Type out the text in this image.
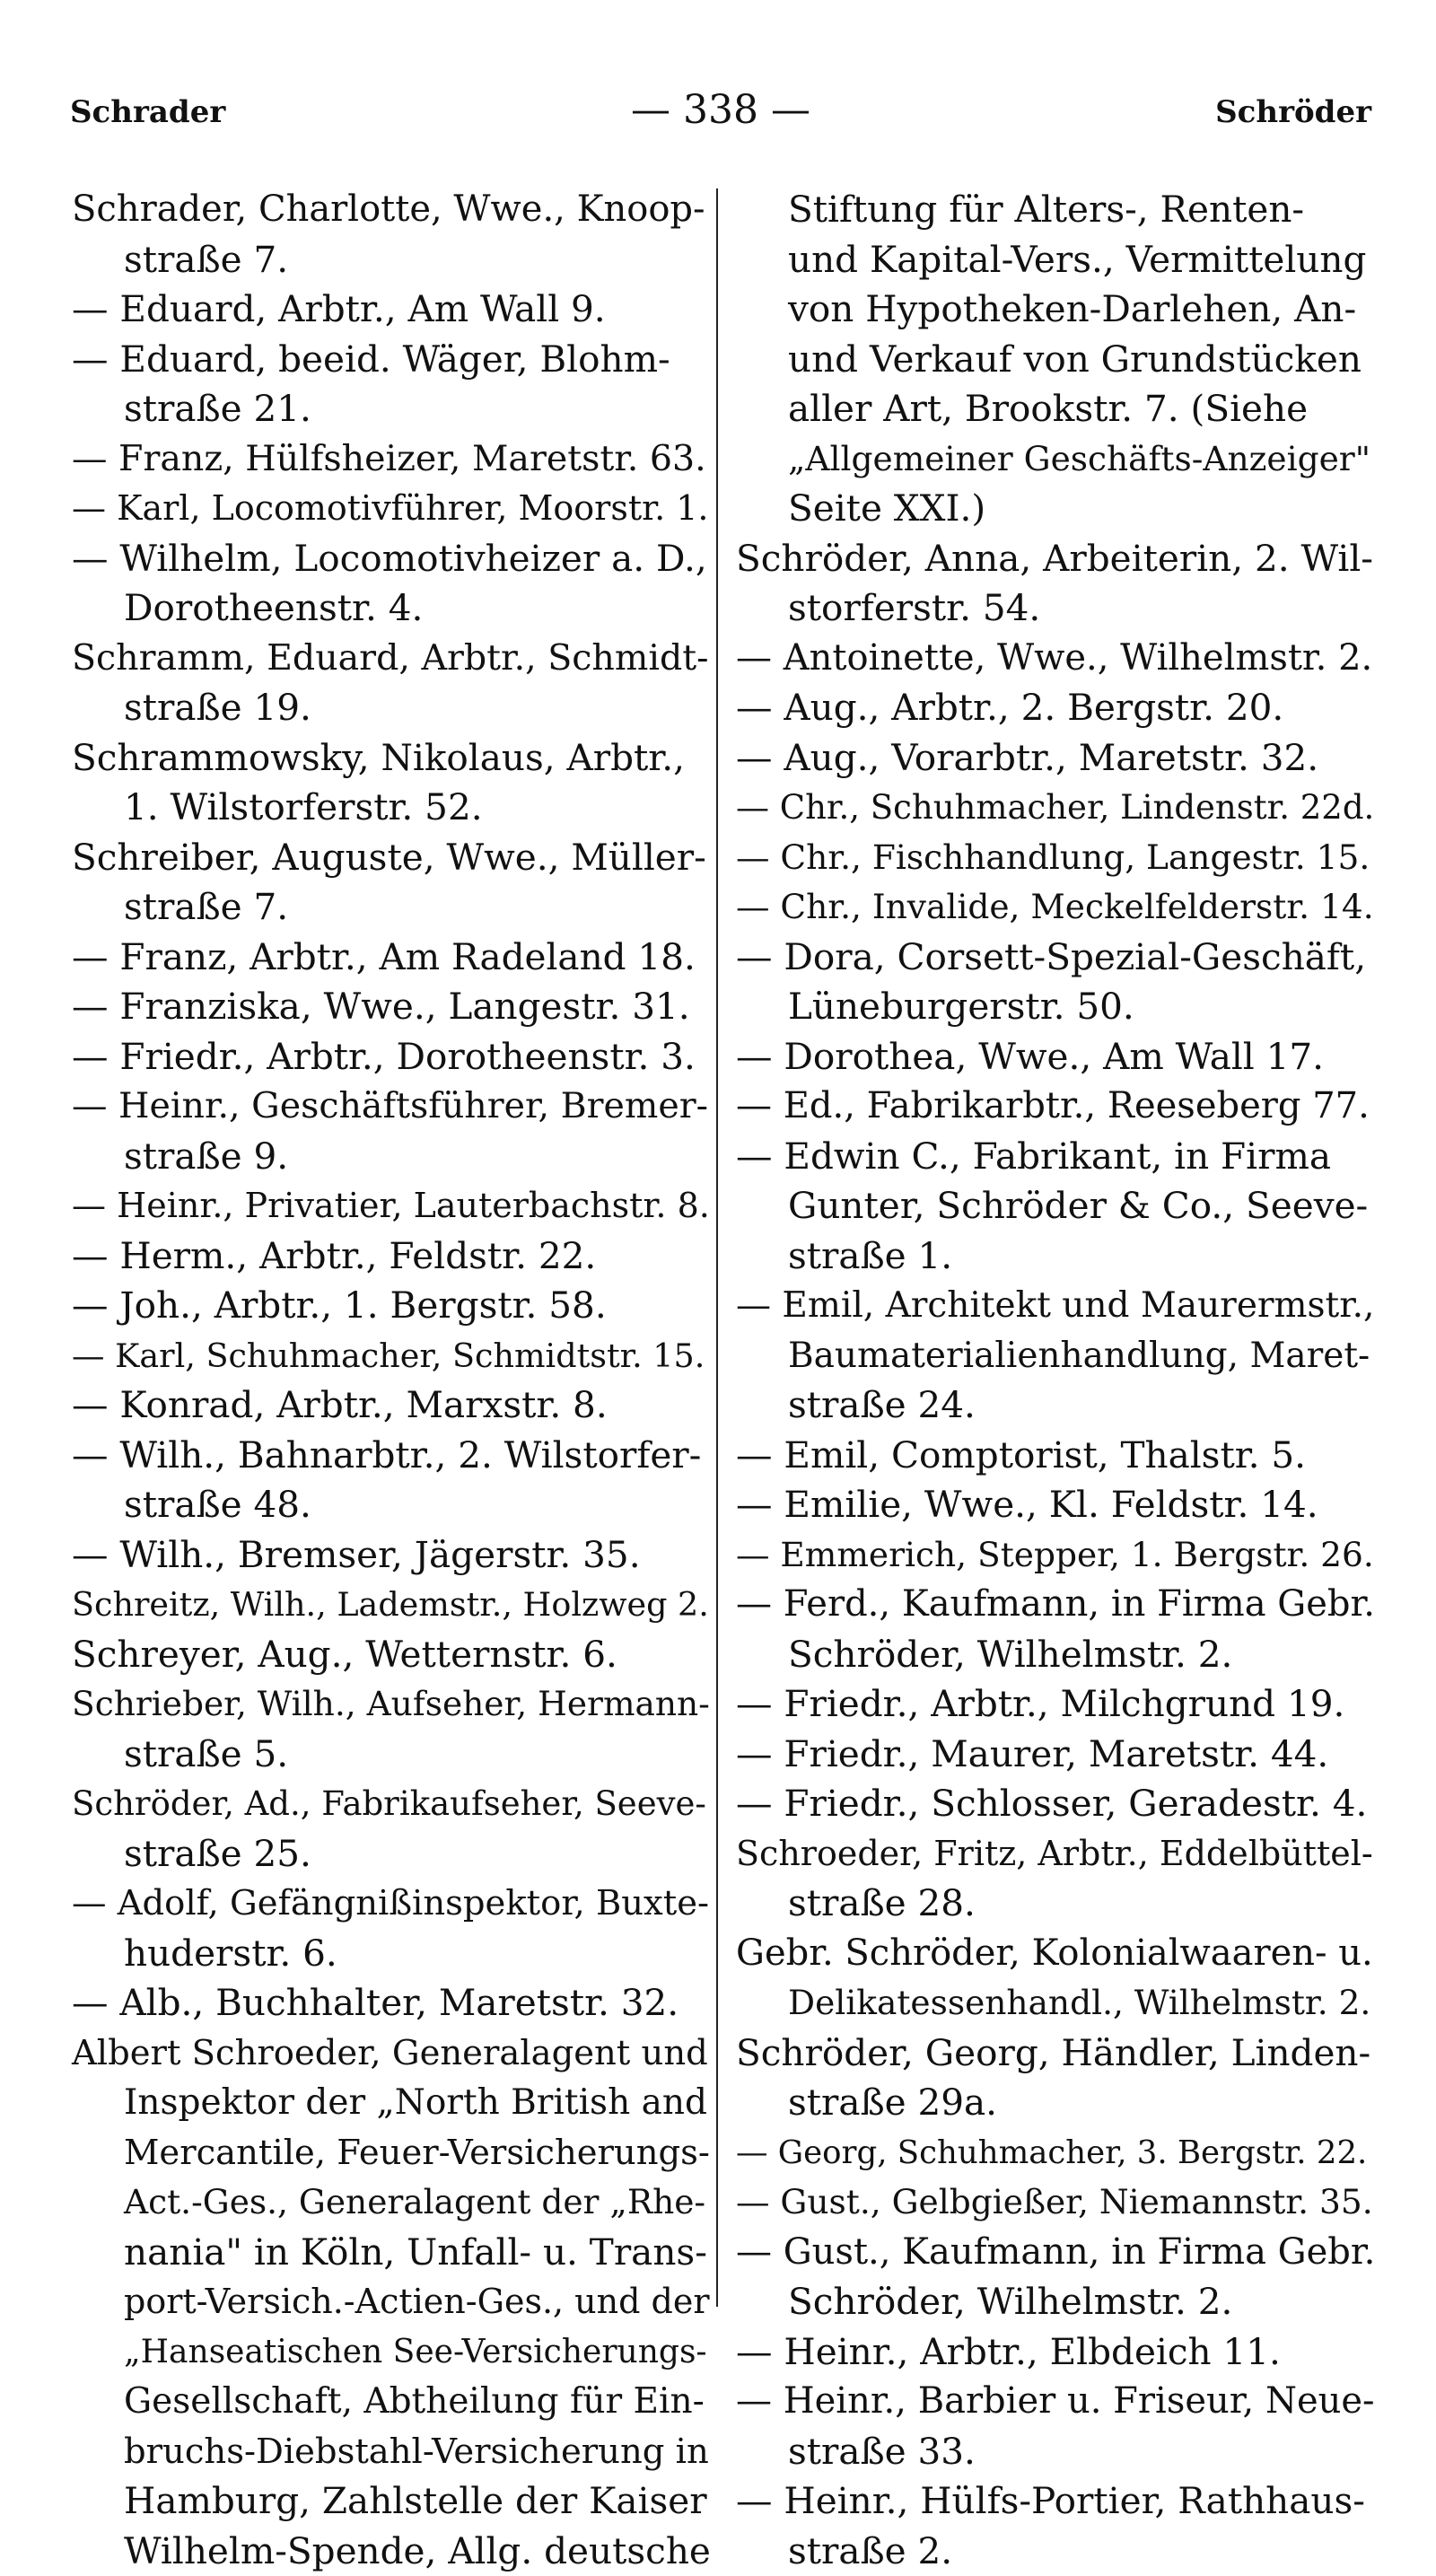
Schrader	— 338 —	Schröder
Schrader, Charlotte, Wwe., Knoop-
straße 7.
— Eduard, Arbtr., Am Wall 9.
— Eduard, beeid. Wäger, Blohm-
straße 21.
— Franz, Hülfsheizer, Maretstr. 63.
— Karl, Locomotivführer, Moorstr. 1.
— Wilhelm, Locomotivheizer a. D.,
Dorotheenstr. 4.
Schramm, Eduard, Arbtr., Schmidt-
straße 19.
Schrammowsky, Nikolaus, Arbtr.,
1. Wilstorferstr. 52.
Schreiber, Auguste, Wwe., Müller-
straße 7.
— Franz, Arbtr., Am Radeland 18.
— Franziska, Wwe., Langestr. 31.
— Friedr., Arbtr., Dorotheenstr. 3.
— Heinr., Geschäftsführer, Bremer-
straße 9.
— Heinr., Privatier, Lauterbachstr. 8.
— Herm., Arbtr., Feldstr. 22.
— Joh., Arbtr., 1. Bergstr. 58.
— Karl, Schuhmacher, Schmidtstr. 15.
— Konrad, Arbtr., Marxstr. 8.
— Wilh., Bahnarbtr., 2. Wilstorfer-
straße 48.
— Wilh., Bremser, Jägerstr. 35.
Schreitz, Wilh., Lademstr., Holzweg 2.
Schreyer, Aug., Wetternstr. 6.
Schrieber, Wilh., Aufseher, Hermann-
straße 5.
Schröder, Ad., Fabrikaufseher, Seeve-
straße 25.
— Adolf, Gefängnißinspektor, Buxte-
huderstr. 6.
— Alb., Buchhalter, Maretstr. 32.
Albert Schroeder, Generalagent und
Inspektor der „North British and
Mercantile, Feuer-Versicherungs-
Act.-Ges., Generalagent der „Rhe-
nania" in Köln, Unfall- u. Trans-
port-Versich.-Actien-Ges., und der
„Hanseatischen See-Versicherungs-
Gesellschaft, Abtheilung für Ein-
bruchs-Diebstahl-Versicherung in
Hamburg, Zahlstelle der Kaiser
Wilhelm-Spende, Allg. deutsche
Stiftung für Alters-, Renten-
und Kapital-Vers., Vermittelung
von Hypotheken-Darlehen, An-
und Verkauf von Grundstücken
aller Art, Brookstr. 7. (Siehe
„Allgemeiner Geschäfts-Anzeiger"
Seite XXI.)
Schröder, Anna, Arbeiterin, 2. Wil-
storferstr. 54.
— Antoinette, Wwe., Wilhelmstr. 2.
— Aug., Arbtr., 2. Bergstr. 20.
— Aug., Vorarbtr., Maretstr. 32.
— Chr., Schuhmacher, Lindenstr. 22d.
— Chr., Fischhandlung, Langestr. 15.
— Chr., Invalide, Meckelfelderstr. 14.
— Dora, Corsett-Spezial-Geschäft,
Lüneburgerstr. 50.
— Dorothea, Wwe., Am Wall 17.
— Ed., Fabrikarbtr., Reeseberg 77.
— Edwin C., Fabrikant, in Firma
Gunter, Schröder & Co., Seeve-
straße 1.
— Emil, Architekt und Maurermstr.,
Baumaterialienhandlung, Maret-
straße 24.
— Emil, Comptorist, Thalstr. 5.
— Emilie, Wwe., Kl. Feldstr. 14.
— Emmerich, Stepper, 1. Bergstr. 26.
— Ferd., Kaufmann, in Firma Gebr.
Schröder, Wilhelmstr. 2.
— Friedr., Arbtr., Milchgrund 19.
— Friedr., Maurer, Maretstr. 44.
— Friedr., Schlosser, Geradestr. 4.
Schroeder, Fritz, Arbtr., Eddelbüttel-
straße 28.
Gebr. Schröder, Kolonialwaaren- u.
Delikatessenhandl., Wilhelmstr. 2.
Schröder, Georg, Händler, Linden-
straße 29a.
— Georg, Schuhmacher, 3. Bergstr. 22.
— Gust., Gelbgießer, Niemannstr. 35.
— Gust., Kaufmann, in Firma Gebr.
Schröder, Wilhelmstr. 2.
— Heinr., Arbtr., Elbdeich 11.
— Heinr., Barbier u. Friseur, Neue-
straße 33.
— Heinr., Hülfs-Portier, Rathhaus-
straße 2.
